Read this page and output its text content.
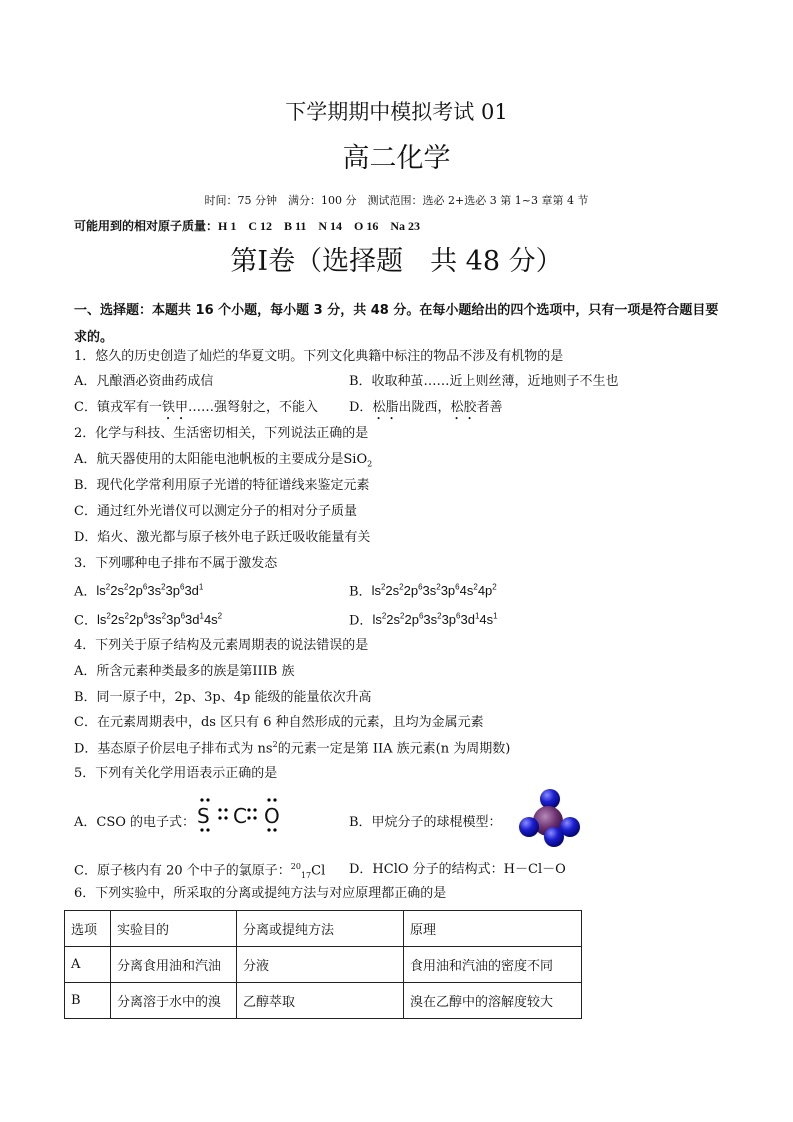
下学期期中模拟考试 01
高二化学
时间：75 分钟　满分：100 分　测试范围：选必 2+选必 3 第 1~3 章第 4 节
可能用到的相对原子质量：H 1　C 12　B 11　N 14　O 16　Na 23
第I卷（选择题　共 48 分）
一、选择题：本题共 16 个小题，每小题 3 分，共 48 分。在每小题给出的四个选项中，只有一项是符合题目要求的。
1．悠久的历史创造了灿烂的华夏文明。下列文化典籍中标注的物品不涉及有机物的是
A．凡酿酒必资曲药成信	B．收取种茧……近上则丝薄，近地则子不生也
C．镇戎军有一铁甲……强弩射之，不能入 D．松脂出陇西，松胶者善
2．化学与科技、生活密切相关，下列说法正确的是
A．航天器使用的太阳能电池帆板的主要成分是SiO$_2$
B．现代化学常利用原子光谱的特征谱线来鉴定元素
C．通过红外光谱仪可以测定分子的相对分子质量
D．焰火、激光都与原子核外电子跃迁吸收能量有关
3．下列哪种电子排布不属于激发态
A．$ls^22s^22p^63s^23p^63d^1$	B．$ls^22s^22p^63s^23p^64s^24p^2$
C．$ls^22s^22p^63s^23p^63d^14s^2$	D．$ls^22s^22p^63s^23p^63d^14s^1$
4．下列关于原子结构及元素周期表的说法错误的是
A．所含元素种类最多的族是第IIIB 族
B．同一原子中，2p、3p、4p 能级的能量依次升高
C．在元素周期表中，ds 区只有 6 种自然形成的元素，且均为金属元素
D．基态原子价层电子排布式为 $ns^2$的元素一定是第 IIA 族元素(n 为周期数)
5．下列有关化学用语表示正确的是
A．CSO 的电子式： S C O	B．甲烷分子的球棍模型：
C．原子核内有 20 个中子的氯原子：$^{20}_{17}$Cl D．HClO 分子的结构式：H－Cl－O
6．下列实验中，所采取的分离或提纯方法与对应原理都正确的是
选项	实验目的	分离或提纯方法	原理
A	分离食用油和汽油	分液	食用油和汽油的密度不同
B	分离溶于水中的溴	乙醇萃取	溴在乙醇中的溶解度较大
